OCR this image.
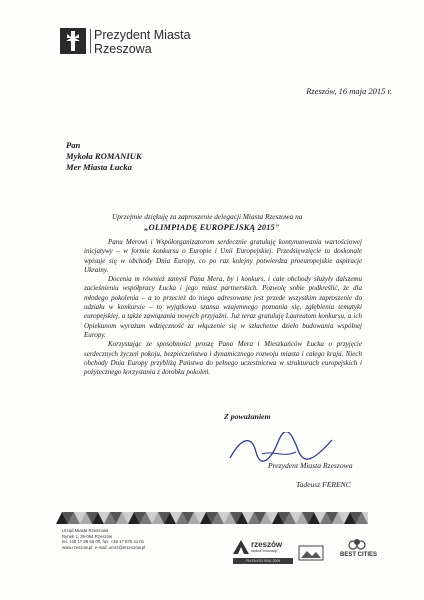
Prezydent Miasta
Rzeszowa
Rzeszów, 16 maja 2015 r.
Pan
Mykoła ROMANIUK
Mer Miasta Łucka
Uprzejmie dziękuję za zaproszenie delegacji Miasta Rzeszowa na
„OLIMPIADĘ EUROPEJSKĄ 2015"

Panu Merowi i Współorganizatorom serdecznie gratuluję kontynuowania wartościowej inicjatywy – w formie konkursu o Europie i Unii Europejskiej. Przedsięwzięcie to doskonale wpisuje się w obchody Dnia Europy, co po raz kolejny potwierdza proeuropejskie aspiracje Ukrainy.

Docenia m również zamysł Pana Mera, by i konkurs, i całe obchody służyły dalszemu zacieśnieniu współpracy Łucka i jego miast partnerskich. Pozwolę sobie podkreślić, że dla młodego pokolenia – a to przecież do niego adresowane jest przede wszystkim zaproszenie do udziału w konkursie – to wyjątkowa szansa wzajemnego poznania się, zgłębienia tematyki europejskiej, a także zawiązania nowych przyjaźni. Już teraz gratuluję Laureatom konkursu, a ich Opiekunom wyrażam wdzięczność za włączenie się w szlachetne dzieło budowania wspólnej Europy.

Korzystając ze sposobności proszę Pana Mera i Mieszkańców Łucka o przyjęcie serdecznych życzeń pokoju, bezpieczeństwa i dynamicznego rozwoju miasta i całego kraju. Niech obchody Dnia Europy przybliżą Państwa do pełnego uczestnictwa w strukturach europejskich i pożytecznego korzystania z dorobku pokoleń.

Z poważaniem
Prezydent Miasta Rzeszowa
Tadeusz FERENC
Urząd Miasta Rzeszowa
Rynek 1, 35-064 Rzeszów
tel. +48 17 88 55 00, fax. +48 17 875 41 01
www.rzeszow.pl, e-mail: umrz@erzeszow.pl	rzeszów
stolica innowacji
PN-EN ISO 9001:2009
BEST CITIES
